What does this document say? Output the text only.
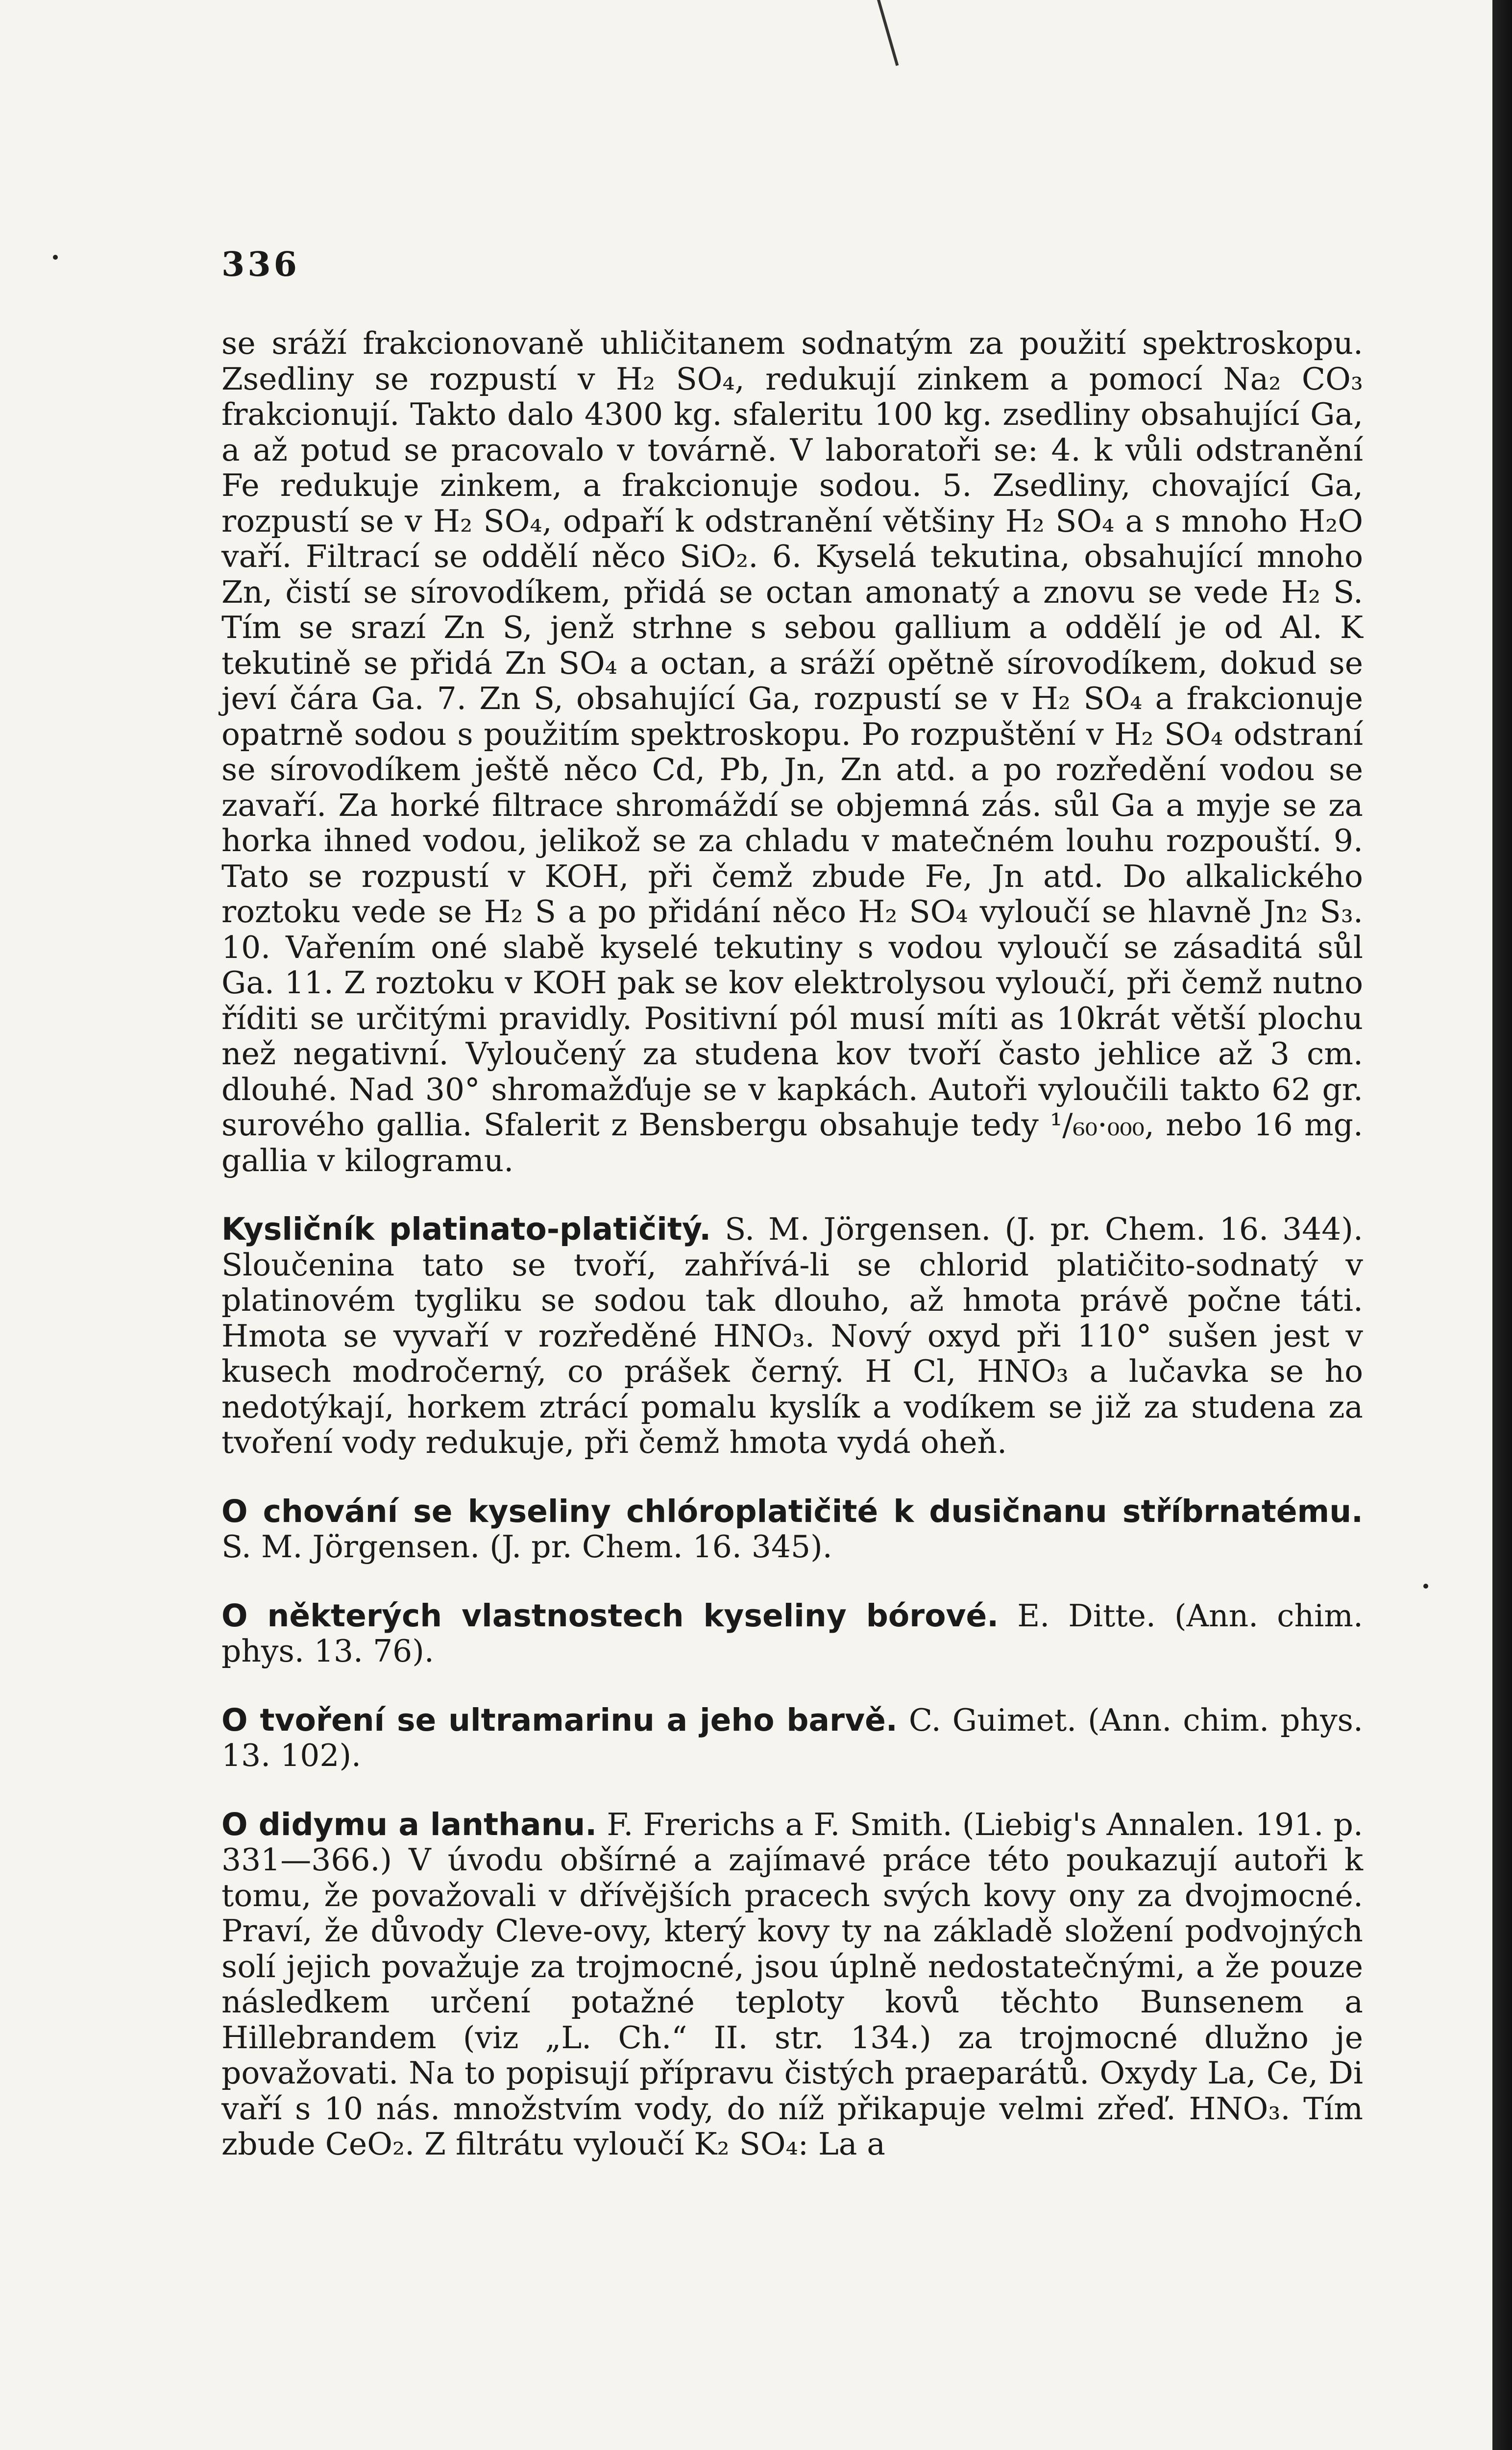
336

se sráží frakcionovaně uhličitanem sodnatým za použití spektroskopu. Zsedliny se rozpustí v H₂ SO₄, redukují zinkem a pomocí Na₂ CO₃ frakcionují. Takto dalo 4300 kg. sfaleritu 100 kg. zsedliny obsahující Ga, a až potud se pracovalo v továrně. V laboratoři se: 4. k vůli odstranění Fe redukuje zinkem, a frakcionuje sodou. 5. Zsedliny, chovající Ga, rozpustí se v H₂ SO₄, odpaří k odstranění většiny H₂ SO₄ a s mnoho H₂O vaří. Filtrací se oddělí něco SiO₂. 6. Kyselá tekutina, obsahující mnoho Zn, čistí se sírovodíkem, přidá se octan amonatý a znovu se vede H₂ S. Tím se srazí Zn S, jenž strhne s sebou gallium a oddělí je od Al. K tekutině se přidá Zn SO₄ a octan, a sráží opětně sírovodíkem, dokud se jeví čára Ga. 7. Zn S, obsahující Ga, rozpustí se v H₂ SO₄ a frakcionuje opatrně sodou s použitím spektroskopu. Po rozpuštění v H₂ SO₄ odstraní se sírovodíkem ještě něco Cd, Pb, Jn, Zn atd. a po rozředění vodou se zavaří. Za horké filtrace shromáždí se objemná zás. sůl Ga a myje se za horka ihned vodou, jelikož se za chladu v matečném louhu rozpouští. 9. Tato se rozpustí v KOH, při čemž zbude Fe, Jn atd. Do alkalického roztoku vede se H₂ S a po přidání něco H₂ SO₄ vyloučí se hlavně Jn₂ S₃. 10. Vařením oné slabě kyselé tekutiny s vodou vyloučí se zásaditá sůl Ga. 11. Z roztoku v KOH pak se kov elektrolysou vyloučí, při čemž nutno říditi se určitými pravidly. Positivní pól musí míti as 10krát větší plochu než negativní. Vyloučený za studena kov tvoří často jehlice až 3 cm. dlouhé. Nad 30° shromažďuje se v kapkách. Autoři vyloučili takto 62 gr. surového gallia. Sfalerit z Bensbergu obsahuje tedy ¹/₆₀·₀₀₀, nebo 16 mg. gallia v kilogramu.

Kysličník platinato-platičitý. S. M. Jörgensen. (J. pr. Chem. 16. 344). Sloučenina tato se tvoří, zahřívá-li se chlorid platičito-sodnatý v platinovém tygliku se sodou tak dlouho, až hmota právě počne táti. Hmota se vyvaří v rozředěné HNO₃. Nový oxyd při 110° sušen jest v kusech modročerný, co prášek černý. H Cl, HNO₃ a lučavka se ho nedotýkají, horkem ztrácí pomalu kyslík a vodíkem se již za studena za tvoření vody redukuje, při čemž hmota vydá oheň.

O chování se kyseliny chlóroplatičité k dusičnanu stříbrnatému. S. M. Jörgensen. (J. pr. Chem. 16. 345).

O některých vlastnostech kyseliny bórové. E. Ditte. (Ann. chim. phys. 13. 76).

O tvoření se ultramarinu a jeho barvě. C. Guimet. (Ann. chim. phys. 13. 102).

O didymu a lanthanu. F. Frerichs a F. Smith. (Liebig's Annalen. 191. p. 331—366.) V úvodu obšírné a zajímavé práce této poukazují autoři k tomu, že považovali v dřívějších pracech svých kovy ony za dvojmocné. Praví, že důvody Cleve-ovy, který kovy ty na základě složení podvojných solí jejich považuje za trojmocné, jsou úplně nedostatečnými, a že pouze následkem určení potažné teploty kovů těchto Bunsenem a Hillebrandem (viz „L. Ch.“ II. str. 134.) za trojmocné dlužno je považovati. Na to popisují přípravu čistých praeparátů. Oxydy La, Ce, Di vaří s 10 nás. množstvím vody, do níž přikapuje velmi zřeď. HNO₃. Tím zbude CeO₂. Z filtrátu vyloučí K₂ SO₄: La a
